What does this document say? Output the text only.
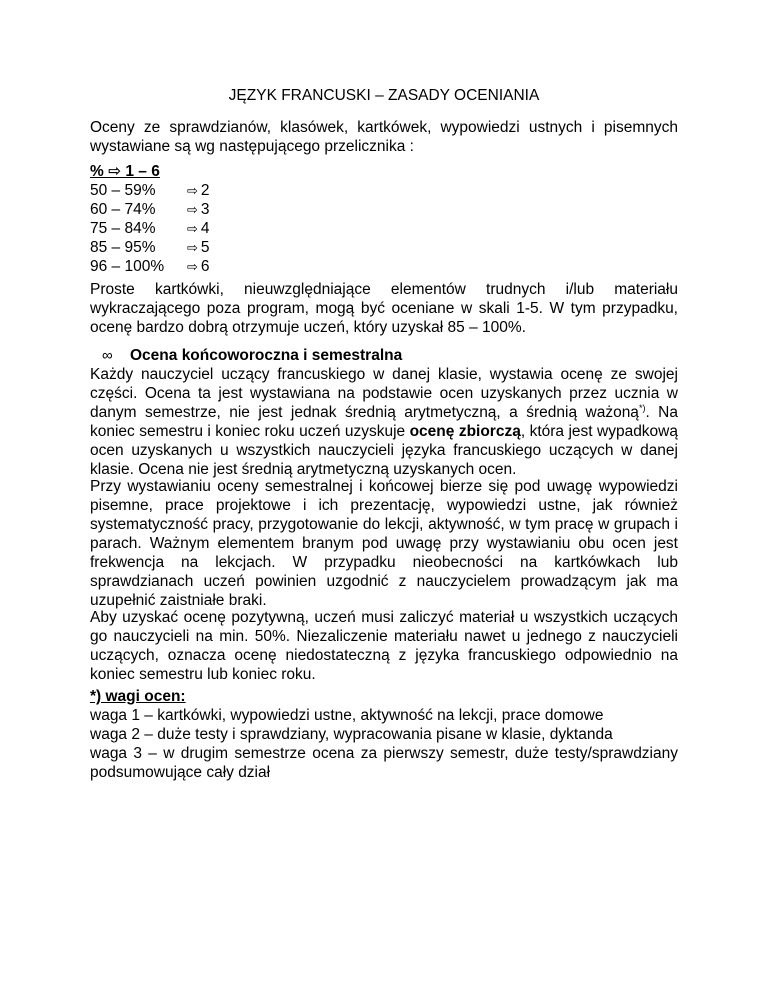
JĘZYK FRANCUSKI – ZASADY OCENIANIA
Oceny ze sprawdzianów, klasówek, kartkówek, wypowiedzi ustnych i pisemnych wystawiane są wg następującego przelicznika :
% ⇨ 1 – 6
50 – 59% ⇨ 2
60 – 74% ⇨ 3
75 – 84% ⇨ 4
85 – 95% ⇨ 5
96 – 100% ⇨ 6
Proste kartkówki, nieuwzględniające elementów trudnych i/lub materiału wykraczającego poza program, mogą być oceniane w skali 1-5. W tym przypadku, ocenę bardzo dobrą otrzymuje uczeń, który uzyskał 85 – 100%.
∞ Ocena końcoworoczna i semestralna
Każdy nauczyciel uczący francuskiego w danej klasie, wystawia ocenę ze swojej części. Ocena ta jest wystawiana na podstawie ocen uzyskanych przez ucznia w danym semestrze, nie jest jednak średnią arytmetyczną, a średnią ważoną*). Na koniec semestru i koniec roku uczeń uzyskuje ocenę zbiorczą, która jest wypadkową ocen uzyskanych u wszystkich nauczycieli języka francuskiego uczących w danej klasie. Ocena nie jest średnią arytmetyczną uzyskanych ocen.
Przy wystawianiu oceny semestralnej i końcowej bierze się pod uwagę wypowiedzi pisemne, prace projektowe i ich prezentację, wypowiedzi ustne, jak również systematyczność pracy, przygotowanie do lekcji, aktywność, w tym pracę w grupach i parach. Ważnym elementem branym pod uwagę przy wystawianiu obu ocen jest frekwencja na lekcjach. W przypadku nieobecności na kartkówkach lub sprawdzianach uczeń powinien uzgodnić z nauczycielem prowadzącym jak ma uzupełnić zaistniałe braki.
Aby uzyskać ocenę pozytywną, uczeń musi zaliczyć materiał u wszystkich uczących go nauczycieli na min. 50%. Niezaliczenie materiału nawet u jednego z nauczycieli uczących, oznacza ocenę niedostateczną z języka francuskiego odpowiednio na koniec semestru lub koniec roku.
*) wagi ocen:
waga 1 – kartkówki, wypowiedzi ustne, aktywność na lekcji, prace domowe
waga 2 – duże testy i sprawdziany, wypracowania pisane w klasie, dyktanda
waga 3 – w drugim semestrze ocena za pierwszy semestr, duże testy/sprawdziany podsumowujące cały dział
